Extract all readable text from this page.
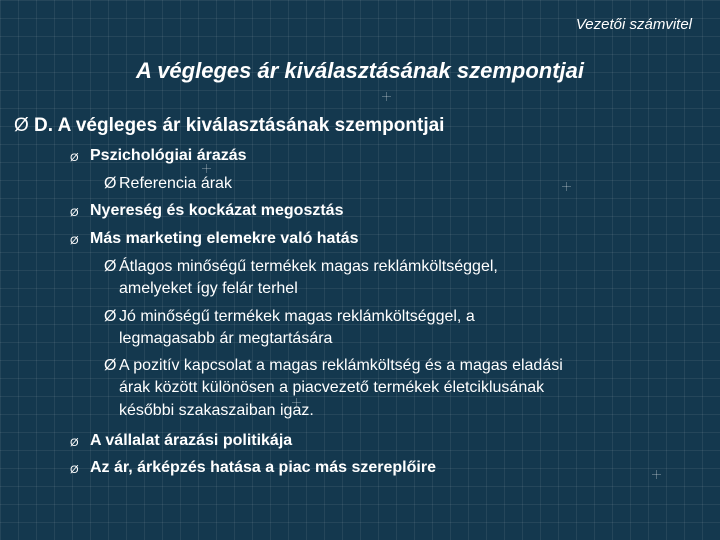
Vezetői számvitel
A végleges ár kiválasztásának szempontjai
Ø D. A végleges ár kiválasztásának szempontjai
Ø Pszichológiai árazás
Ø Referencia árak
Ø Nyereség és kockázat megosztás
Ø Más marketing elemekre való hatás
Ø Átlagos minőségű termékek magas reklámköltséggel,
amelyeket így felár terhel
Ø Jó minőségű termékek magas reklámköltséggel, a
legmagasabb ár megtartására
Ø A pozitív kapcsolat a magas reklámköltség és a magas eladási
árak között különösen a piacvezető termékek életciklusának
későbbi szakaszaiban igaz.
Ø A vállalat árazási politikája
Ø Az ár, árképzés hatása a piac más szereplőire
